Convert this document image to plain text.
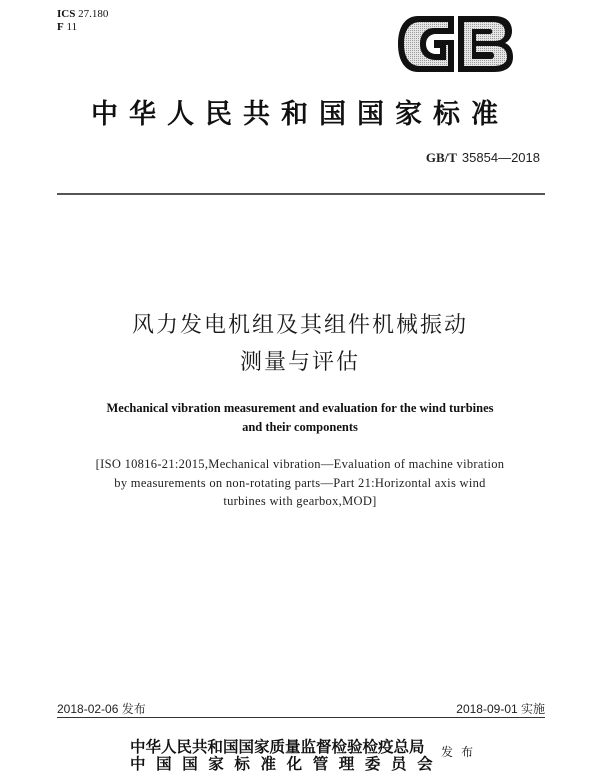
ICS 27.180
F 11
中华人民共和国国家标准
GB/T 35854—2018
风力发电机组及其组件机械振动
测量与评估
Mechanical vibration measurement and evaluation for the wind turbines
and their components
[ISO 10816-21:2015,Mechanical vibration—Evaluation of machine vibration
by measurements on non-rotating parts—Part 21:Horizontal axis wind
turbines with gearbox,MOD]
2018-02-06 发布	2018-09-01 实施
中华人民共和国国家质量监督检验检疫总局
中国国家标准化管理委员会
发布
